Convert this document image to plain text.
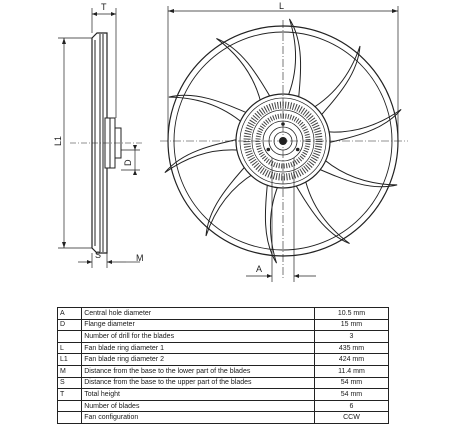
T
L1
D
S	M
L
A
A	Central hole diameter	10.5 mm
D	Flange diameter	15 mm
	Number of drill for the blades	3
L	Fan blade ring diameter 1	435 mm
L1	Fan blade ring diameter 2	424 mm
M	Distance from the base to the lower part of the blades	11.4 mm
S	Distance from the base to the upper part of the blades	54 mm
T	Total height	54 mm
	Number of blades	6
	Fan configuration	CCW
